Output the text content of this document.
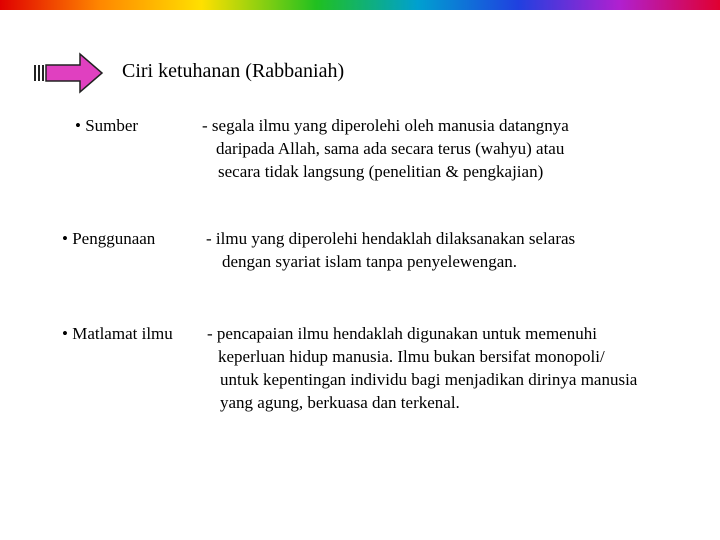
Ciri ketuhanan (Rabbaniah)
• Sumber	- segala ilmu yang diperolehi oleh manusia datangnya
daripada Allah, sama ada secara terus (wahyu) atau
secara tidak langsung (penelitian & pengkajian)
• Penggunaan	- ilmu yang diperolehi hendaklah dilaksanakan selaras
dengan syariat islam tanpa penyelewengan.
• Matlamat ilmu - pencapaian ilmu hendaklah digunakan untuk memenuhi
keperluan hidup manusia. Ilmu bukan bersifat monopoli/
untuk kepentingan individu bagi menjadikan dirinya manusia
yang agung, berkuasa dan terkenal.
